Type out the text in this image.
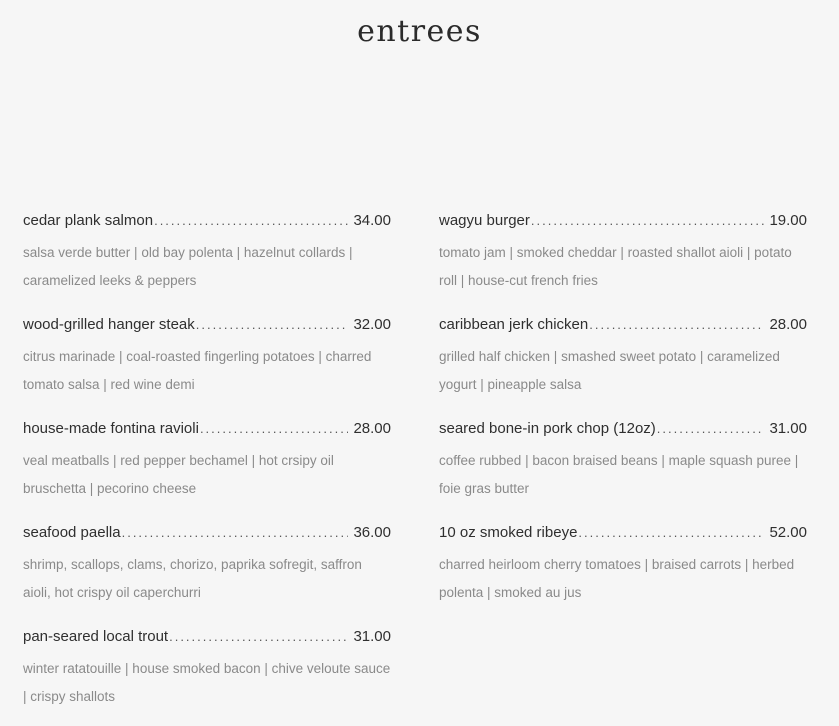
entrees
cedar plank salmon .....	34.00
salsa verde butter | old bay polenta | hazelnut collards | caramelized leeks & peppers
wood-grilled hanger steak .....	32.00
citrus marinade | coal-roasted fingerling potatoes | charred tomato salsa | red wine demi
house-made fontina ravioli .....	28.00
veal meatballs | red pepper bechamel | hot crsipy oil bruschetta | pecorino cheese
seafood paella .....	36.00
shrimp, scallops, clams, chorizo, paprika sofregit, saffron aioli, hot crispy oil caperchurri
pan-seared local trout .....	31.00
winter ratatouille | house smoked bacon | chive veloute sauce | crispy shallots
wagyu burger .....	19.00
tomato jam | smoked cheddar | roasted shallot aioli | potato roll | house-cut french fries
caribbean jerk chicken .....	28.00
grilled half chicken | smashed sweet potato | caramelized yogurt | pineapple salsa
seared bone-in pork chop (12oz) .....	31.00
coffee rubbed | bacon braised beans | maple squash puree | foie gras butter
10 oz smoked ribeye .....	52.00
charred heirloom cherry tomatoes | braised carrots | herbed polenta | smoked au jus
